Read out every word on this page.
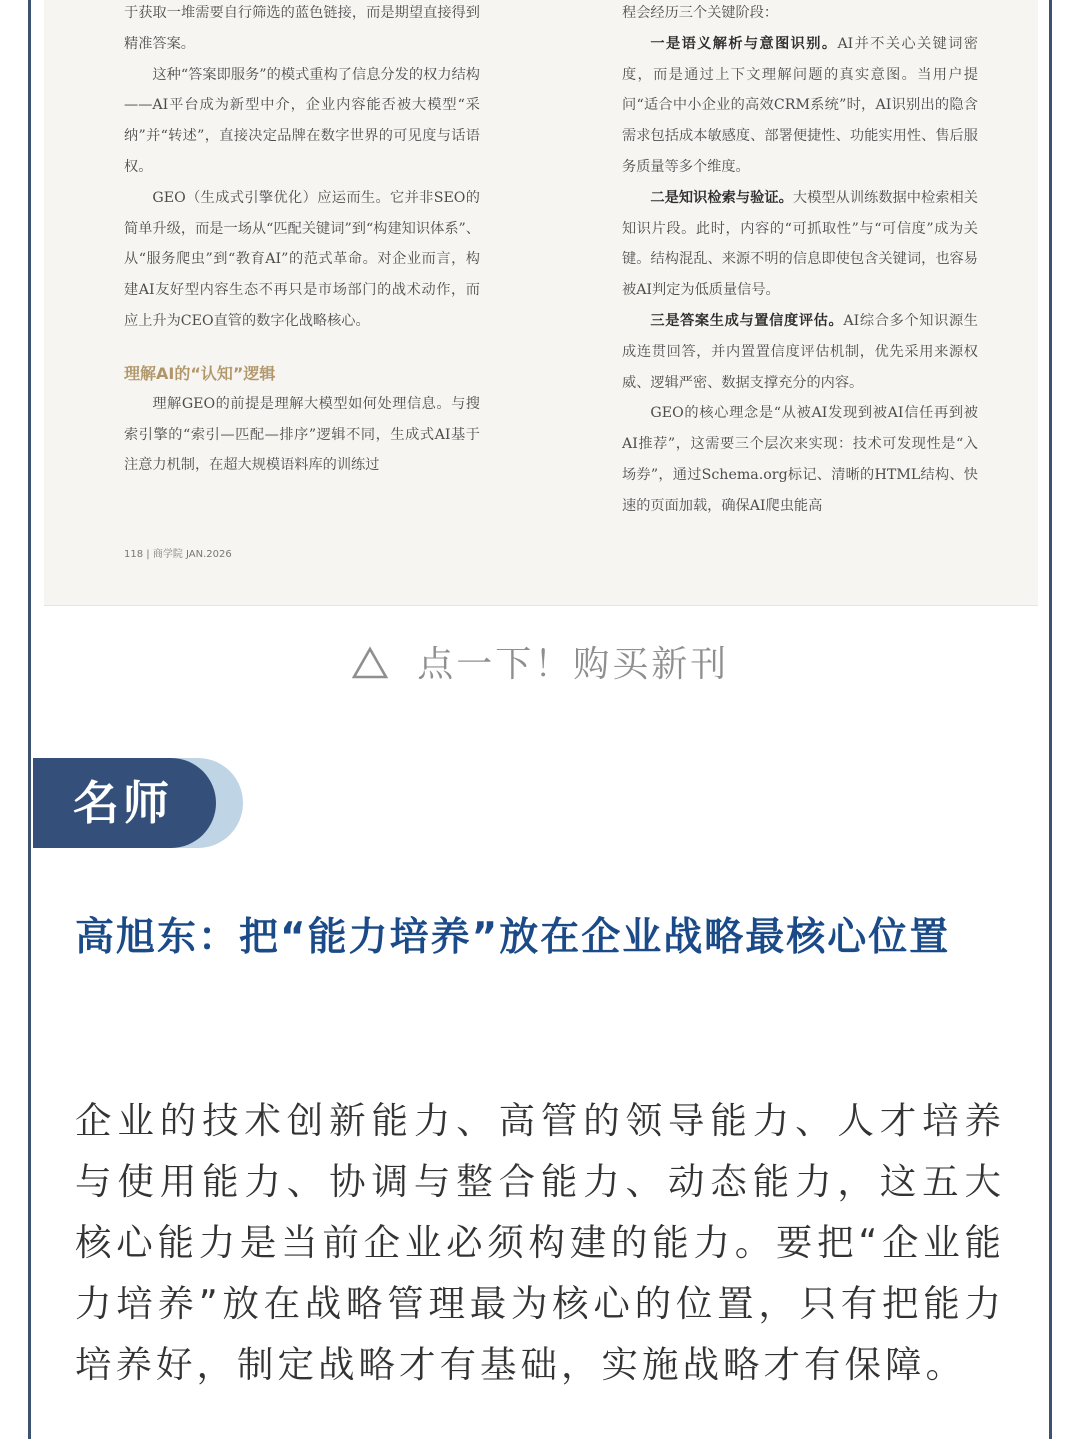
于获取一堆需要自行筛选的蓝色链接，而是期望直接得到精准答案。

这种“答案即服务”的模式重构了信息分发的权力结构——AI平台成为新型中介，企业内容能否被大模型“采纳”并“转述”，直接决定品牌在数字世界的可见度与话语权。

GEO（生成式引擎优化）应运而生。它并非SEO的简单升级，而是一场从“匹配关键词”到“构建知识体系”、从“服务爬虫”到“教育AI”的范式革命。对企业而言，构建AI友好型内容生态不再只是市场部门的战术动作，而应上升为CEO直管的数字化战略核心。

理解AI的“认知”逻辑

理解GEO的前提是理解大模型如何处理信息。与搜索引擎的“索引—匹配—排序”逻辑不同，生成式AI基于注意力机制，在超大规模语料库的训练过

程会经历三个关键阶段：

一是语义解析与意图识别。AI并不关心关键词密度，而是通过上下文理解问题的真实意图。当用户提问“适合中小企业的高效CRM系统”时，AI识别出的隐含需求包括成本敏感度、部署便捷性、功能实用性、售后服务质量等多个维度。

二是知识检索与验证。大模型从训练数据中检索相关知识片段。此时，内容的“可抓取性”与“可信度”成为关键。结构混乱、来源不明的信息即使包含关键词，也容易被AI判定为低质量信号。

三是答案生成与置信度评估。AI综合多个知识源生成连贯回答，并内置置信度评估机制，优先采用来源权威、逻辑严密、数据支撑充分的内容。

GEO的核心理念是“从被AI发现到被AI信任再到被AI推荐”，这需要三个层次来实现：技术可发现性是“入场券”，通过Schema.org标记、清晰的HTML结构、快速的页面加载，确保AI爬虫能高

118 | 商学院 JAN.2026
点一下！购买新刊
名师
高旭东：把“能力培养”放在企业战略最核心位置

企业的技术创新能力、高管的领导能力、人才培养与使用能力、协调与整合能力、动态能力，这五大核心能力是当前企业必须构建的能力。要把“企业能力培养”放在战略管理最为核心的位置，只有把能力培养好，制定战略才有基础，实施战略才有保障。
